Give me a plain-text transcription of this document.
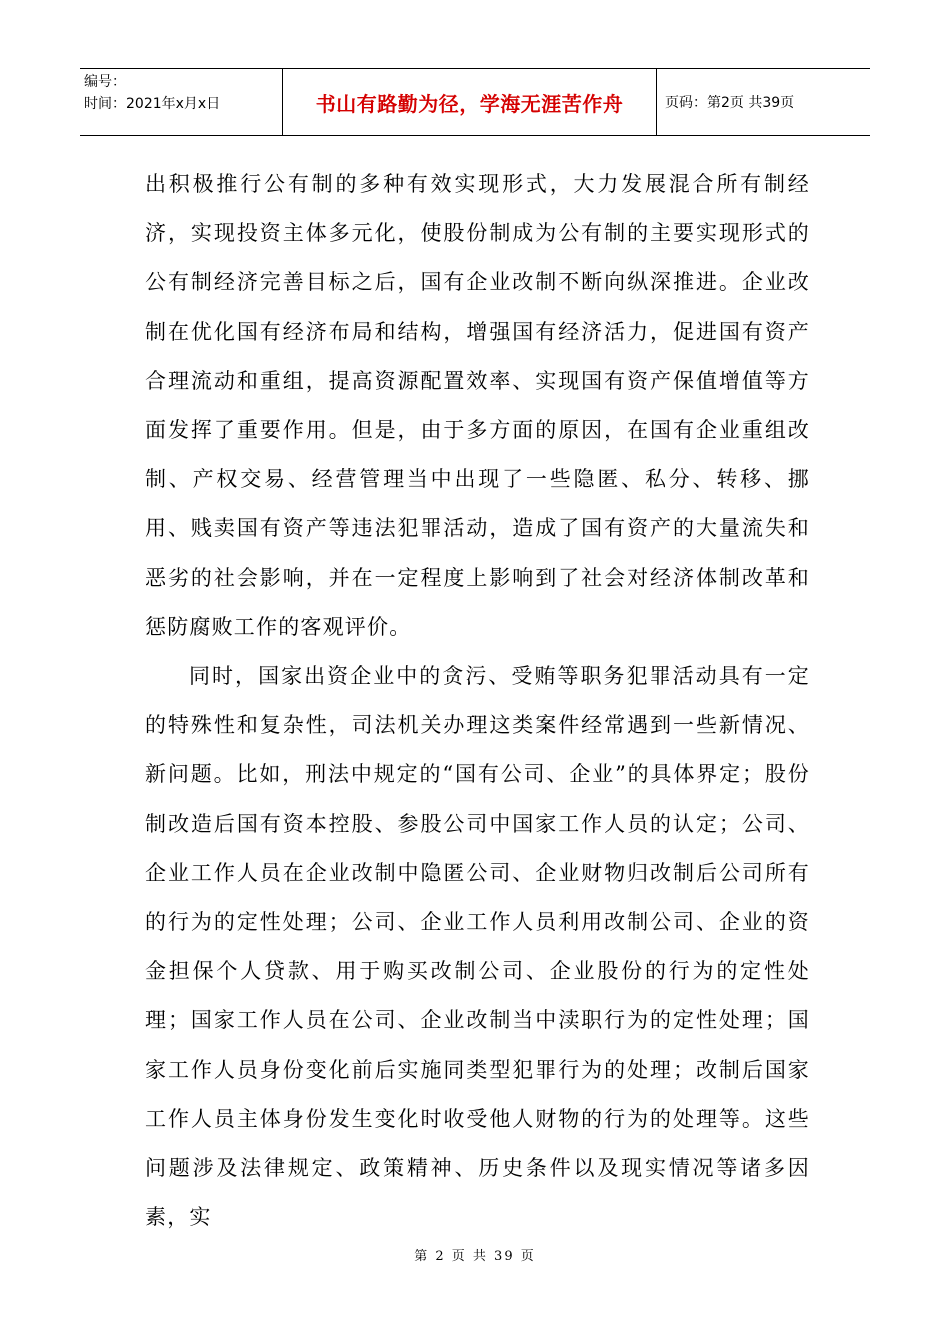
编号：
时间：2021年x月x日	书山有路勤为径，学海无涯苦作舟	页码：第2页 共39页

出积极推行公有制的多种有效实现形式，大力发展混合所有制经济，实现投资主体多元化，使股份制成为公有制的主要实现形式的公有制经济完善目标之后，国有企业改制不断向纵深推进。企业改制在优化国有经济布局和结构，增强国有经济活力，促进国有资产合理流动和重组，提高资源配置效率、实现国有资产保值增值等方面发挥了重要作用。但是，由于多方面的原因，在国有企业重组改制、产权交易、经营管理当中出现了一些隐匿、私分、转移、挪用、贱卖国有资产等违法犯罪活动，造成了国有资产的大量流失和恶劣的社会影响，并在一定程度上影响到了社会对经济体制改革和惩防腐败工作的客观评价。

同时，国家出资企业中的贪污、受贿等职务犯罪活动具有一定的特殊性和复杂性，司法机关办理这类案件经常遇到一些新情况、新问题。比如，刑法中规定的“国有公司、企业”的具体界定；股份制改造后国有资本控股、参股公司中国家工作人员的认定；公司、企业工作人员在企业改制中隐匿公司、企业财物归改制后公司所有的行为的定性处理；公司、企业工作人员利用改制公司、企业的资金担保个人贷款、用于购买改制公司、企业股份的行为的定性处理；国家工作人员在公司、企业改制当中渎职行为的定性处理；国家工作人员身份变化前后实施同类型犯罪行为的处理；改制后国家工作人员主体身份发生变化时收受他人财物的行为的处理等。这些问题涉及法律规定、政策精神、历史条件以及现实情况等诸多因素，实

第 2 页 共 39 页
